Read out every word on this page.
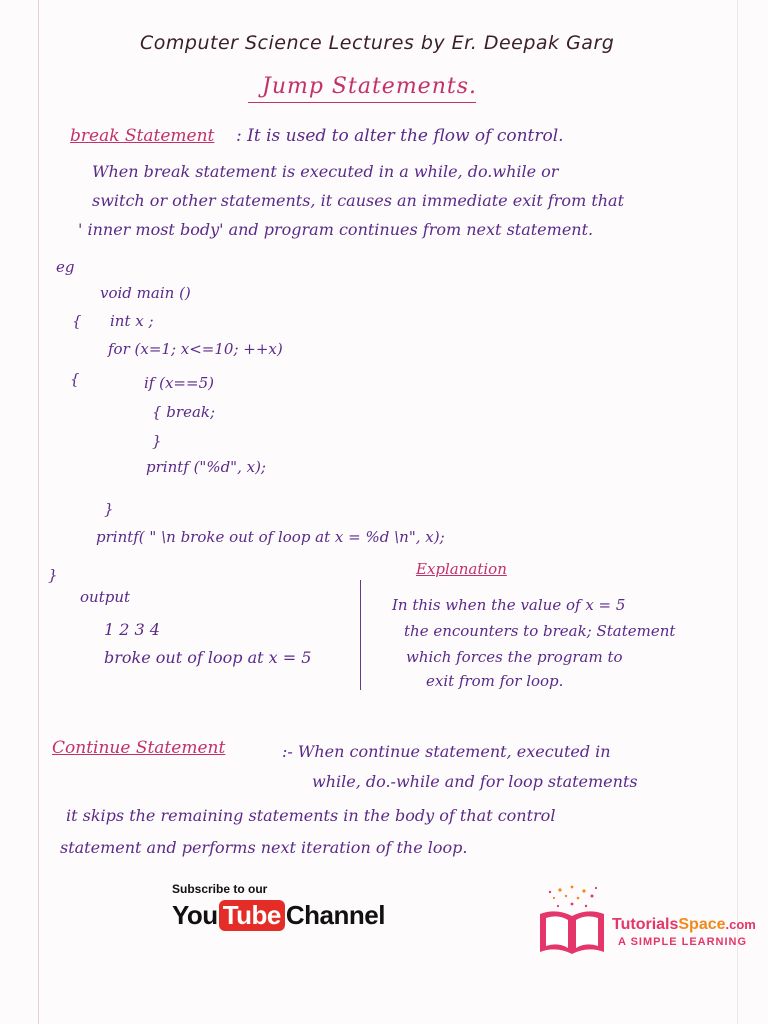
Computer Science Lectures by Er. Deepak Garg
Jump Statements.
break Statement : It is used to alter the flow of control.
When break statement is executed in a while, do.while or
switch or other statements, it causes an immediate exit from that
' inner most body' and program continues from next statement.
eg
void main ()
{ int x ;
for (x=1; x<=10; ++x)
{	if (x==5)
{ break;
}
printf ("%d", x);
}
printf( " \n broke out of loop at x = %d \n", x);
}
output
1 2 3 4
broke out of loop at x = 5
Explanation
In this when the value of x = 5
the encounters to break; Statement
which forces the program to
exit from for loop.
Continue Statement	:- When continue statement, executed in
while, do.-while and for loop statements
it skips the remaining statements in the body of that control
statement and performs next iteration of the loop.
Subscribe to our
You Tube Channel	TutorialsSpace.com
A SIMPLE LEARNING
